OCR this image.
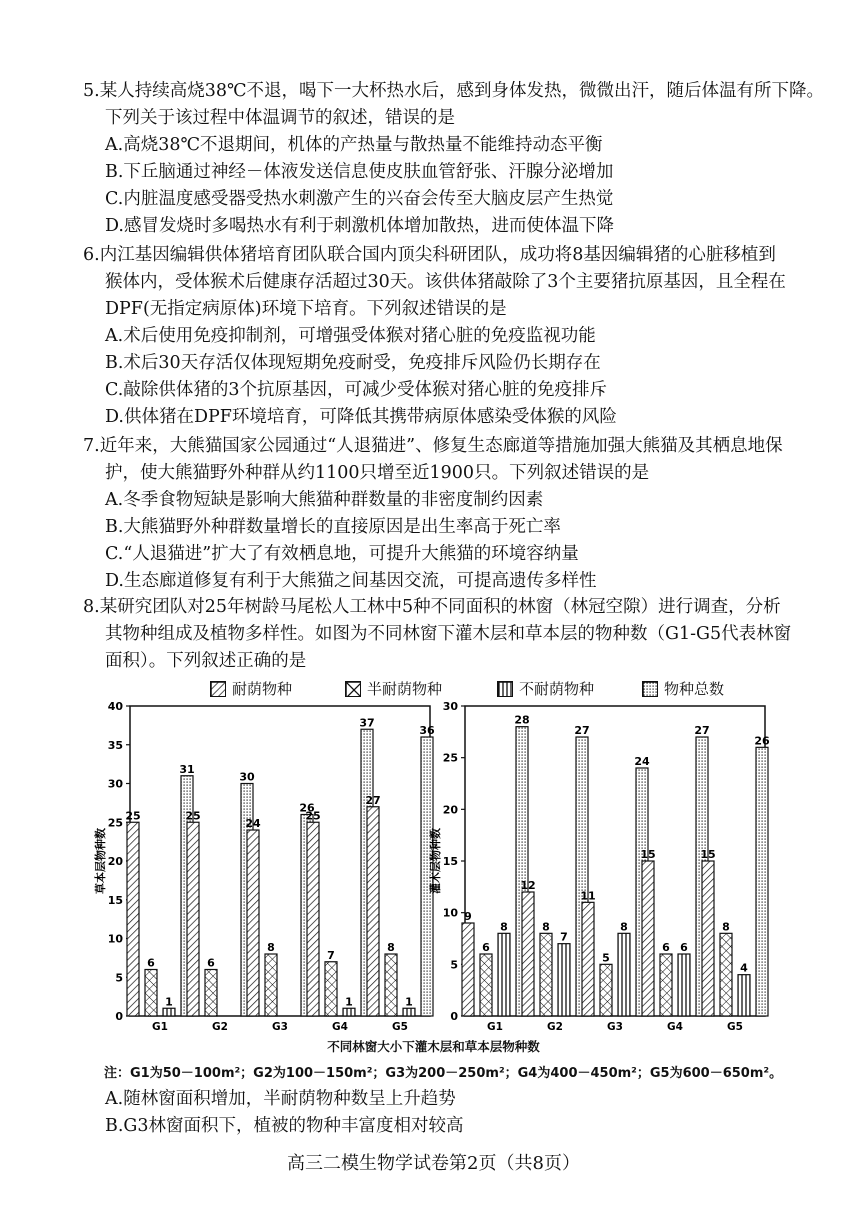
5.某人持续高烧38℃不退，喝下一大杯热水后，感到身体发热，微微出汗，随后体温有所下降。
下列关于该过程中体温调节的叙述，错误的是
A.高烧38℃不退期间，机体的产热量与散热量不能维持动态平衡
B.下丘脑通过神经－体液发送信息使皮肤血管舒张、汗腺分泌增加
C.内脏温度感受器受热水刺激产生的兴奋会传至大脑皮层产生热觉
D.感冒发烧时多喝热水有利于刺激机体增加散热，进而使体温下降
6.内江基因编辑供体猪培育团队联合国内顶尖科研团队，成功将8基因编辑猪的心脏移植到
猴体内，受体猴术后健康存活超过30天。该供体猪敲除了3个主要猪抗原基因，且全程在
DPF(无指定病原体)环境下培育。下列叙述错误的是
A.术后使用免疫抑制剂，可增强受体猴对猪心脏的免疫监视功能
B.术后30天存活仅体现短期免疫耐受，免疫排斥风险仍长期存在
C.敲除供体猪的3个抗原基因，可减少受体猴对猪心脏的免疫排斥
D.供体猪在DPF环境培育，可降低其携带病原体感染受体猴的风险
7.近年来，大熊猫国家公园通过“人退猫进”、修复生态廊道等措施加强大熊猫及其栖息地保
护，使大熊猫野外种群从约1100只增至近1900只。下列叙述错误的是
A.冬季食物短缺是影响大熊猫种群数量的非密度制约因素
B.大熊猫野外种群数量增长的直接原因是出生率高于死亡率
C.“人退猫进”扩大了有效栖息地，可提升大熊猫的环境容纳量
D.生态廊道修复有利于大熊猫之间基因交流，可提高遗传多样性
8.某研究团队对25年树龄马尾松人工林中5种不同面积的林窗（林冠空隙）进行调查，分析
其物种组成及植物多样性。如图为不同林窗下灌木层和草本层的物种数（G1-G5代表林窗
面积）。下列叙述正确的是
耐荫物种	半耐荫物种	不耐荫物种	物种总数
0
5
10
15
20
25
30
35
40
草本层物种数
25
6
1
31
G1
25
6
30
G2
24
8
26
G3
25
7
1
37
G4
27
8
1
36
G5
0
5
10
15
20
25
30
灌木层物种数
9
6
8
28
G1
12
8
7
27
G2
11
5
8
24
G3
15
6 6
27
G4
15
8
4
26
G5
不同林窗大小下灌木层和草本层物种数
注：G1为50－100m²；G2为100－150m²；G3为200－250m²；G4为400－450m²；G5为600－650m²。
A.随林窗面积增加，半耐荫物种数呈上升趋势
B.G3林窗面积下，植被的物种丰富度相对较高
高三二模生物学试卷第2页（共8页）
